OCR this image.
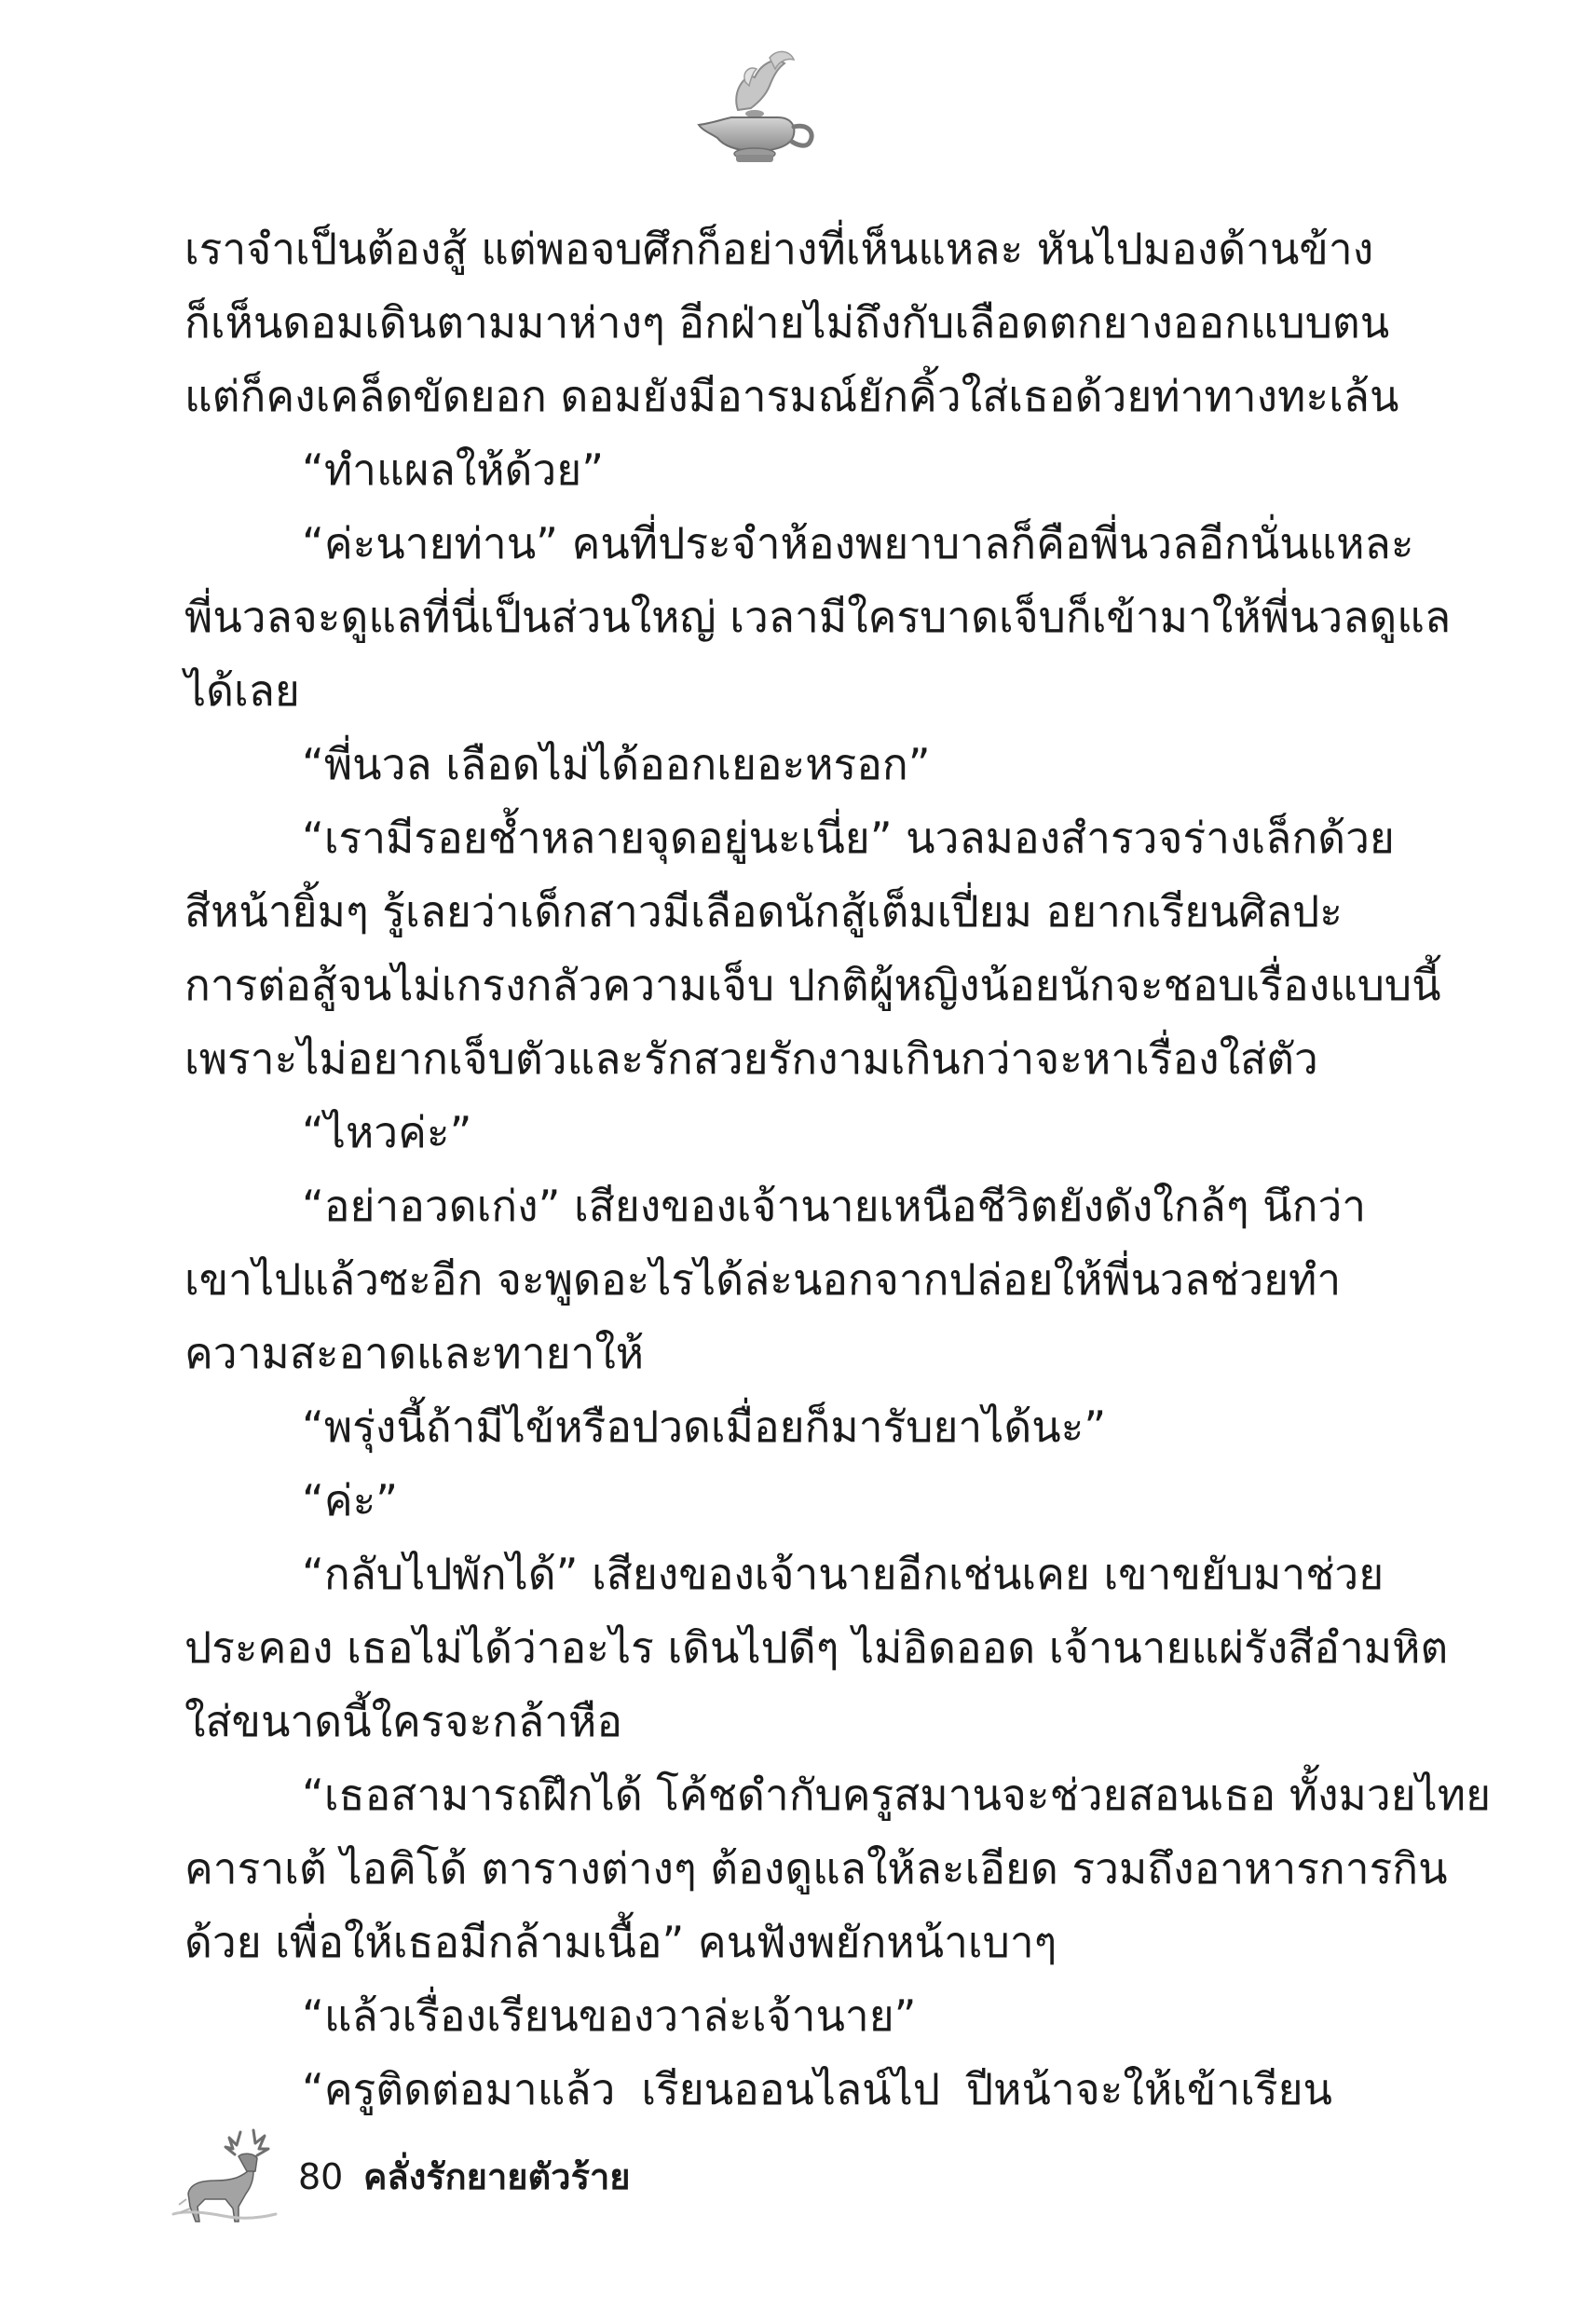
เราจำเป็นต้องสู้ แต่พอจบศึกก็อย่างที่เห็นแหละ หันไปมองด้านข้าง
ก็เห็นดอมเดินตามมาห่างๆ อีกฝ่ายไม่ถึงกับเลือดตกยางออกแบบตน
แต่ก็คงเคล็ดขัดยอก ดอมยังมีอารมณ์ยักคิ้วใส่เธอด้วยท่าทางทะเล้น
“ทำแผลให้ด้วย”
“ค่ะนายท่าน” คนที่ประจำห้องพยาบาลก็คือพี่นวลอีกนั่นแหละ
พี่นวลจะดูแลที่นี่เป็นส่วนใหญ่ เวลามีใครบาดเจ็บก็เข้ามาให้พี่นวลดูแล
ได้เลย
“พี่นวล เลือดไม่ได้ออกเยอะหรอก”
“เรามีรอยช้ำหลายจุดอยู่นะเนี่ย” นวลมองสำรวจร่างเล็กด้วย
สีหน้ายิ้มๆ รู้เลยว่าเด็กสาวมีเลือดนักสู้เต็มเปี่ยม อยากเรียนศิลปะ
การต่อสู้จนไม่เกรงกลัวความเจ็บ ปกติผู้หญิงน้อยนักจะชอบเรื่องแบบนี้
เพราะไม่อยากเจ็บตัวและรักสวยรักงามเกินกว่าจะหาเรื่องใส่ตัว
“ไหวค่ะ”
“อย่าอวดเก่ง” เสียงของเจ้านายเหนือชีวิตยังดังใกล้ๆ นึกว่า
เขาไปแล้วซะอีก จะพูดอะไรได้ล่ะนอกจากปล่อยให้พี่นวลช่วยทำ
ความสะอาดและทายาให้
“พรุ่งนี้ถ้ามีไข้หรือปวดเมื่อยก็มารับยาได้นะ”
“ค่ะ”
“กลับไปพักได้” เสียงของเจ้านายอีกเช่นเคย เขาขยับมาช่วย
ประคอง เธอไม่ได้ว่าอะไร เดินไปดีๆ ไม่อิดออด เจ้านายแผ่รังสีอำมหิต
ใส่ขนาดนี้ใครจะกล้าหือ
“เธอสามารถฝึกได้ โค้ชดำกับครูสมานจะช่วยสอนเธอ ทั้งมวยไทย
คาราเต้ ไอคิโด้ ตารางต่างๆ ต้องดูแลให้ละเอียด รวมถึงอาหารการกิน
ด้วย เพื่อให้เธอมีกล้ามเนื้อ” คนฟังพยักหน้าเบาๆ
“แล้วเรื่องเรียนของวาล่ะเจ้านาย”
“ครูติดต่อมาแล้ว เรียนออนไลน์ไป ปีหน้าจะให้เข้าเรียน
80 คลั่งรักยายตัวร้าย
